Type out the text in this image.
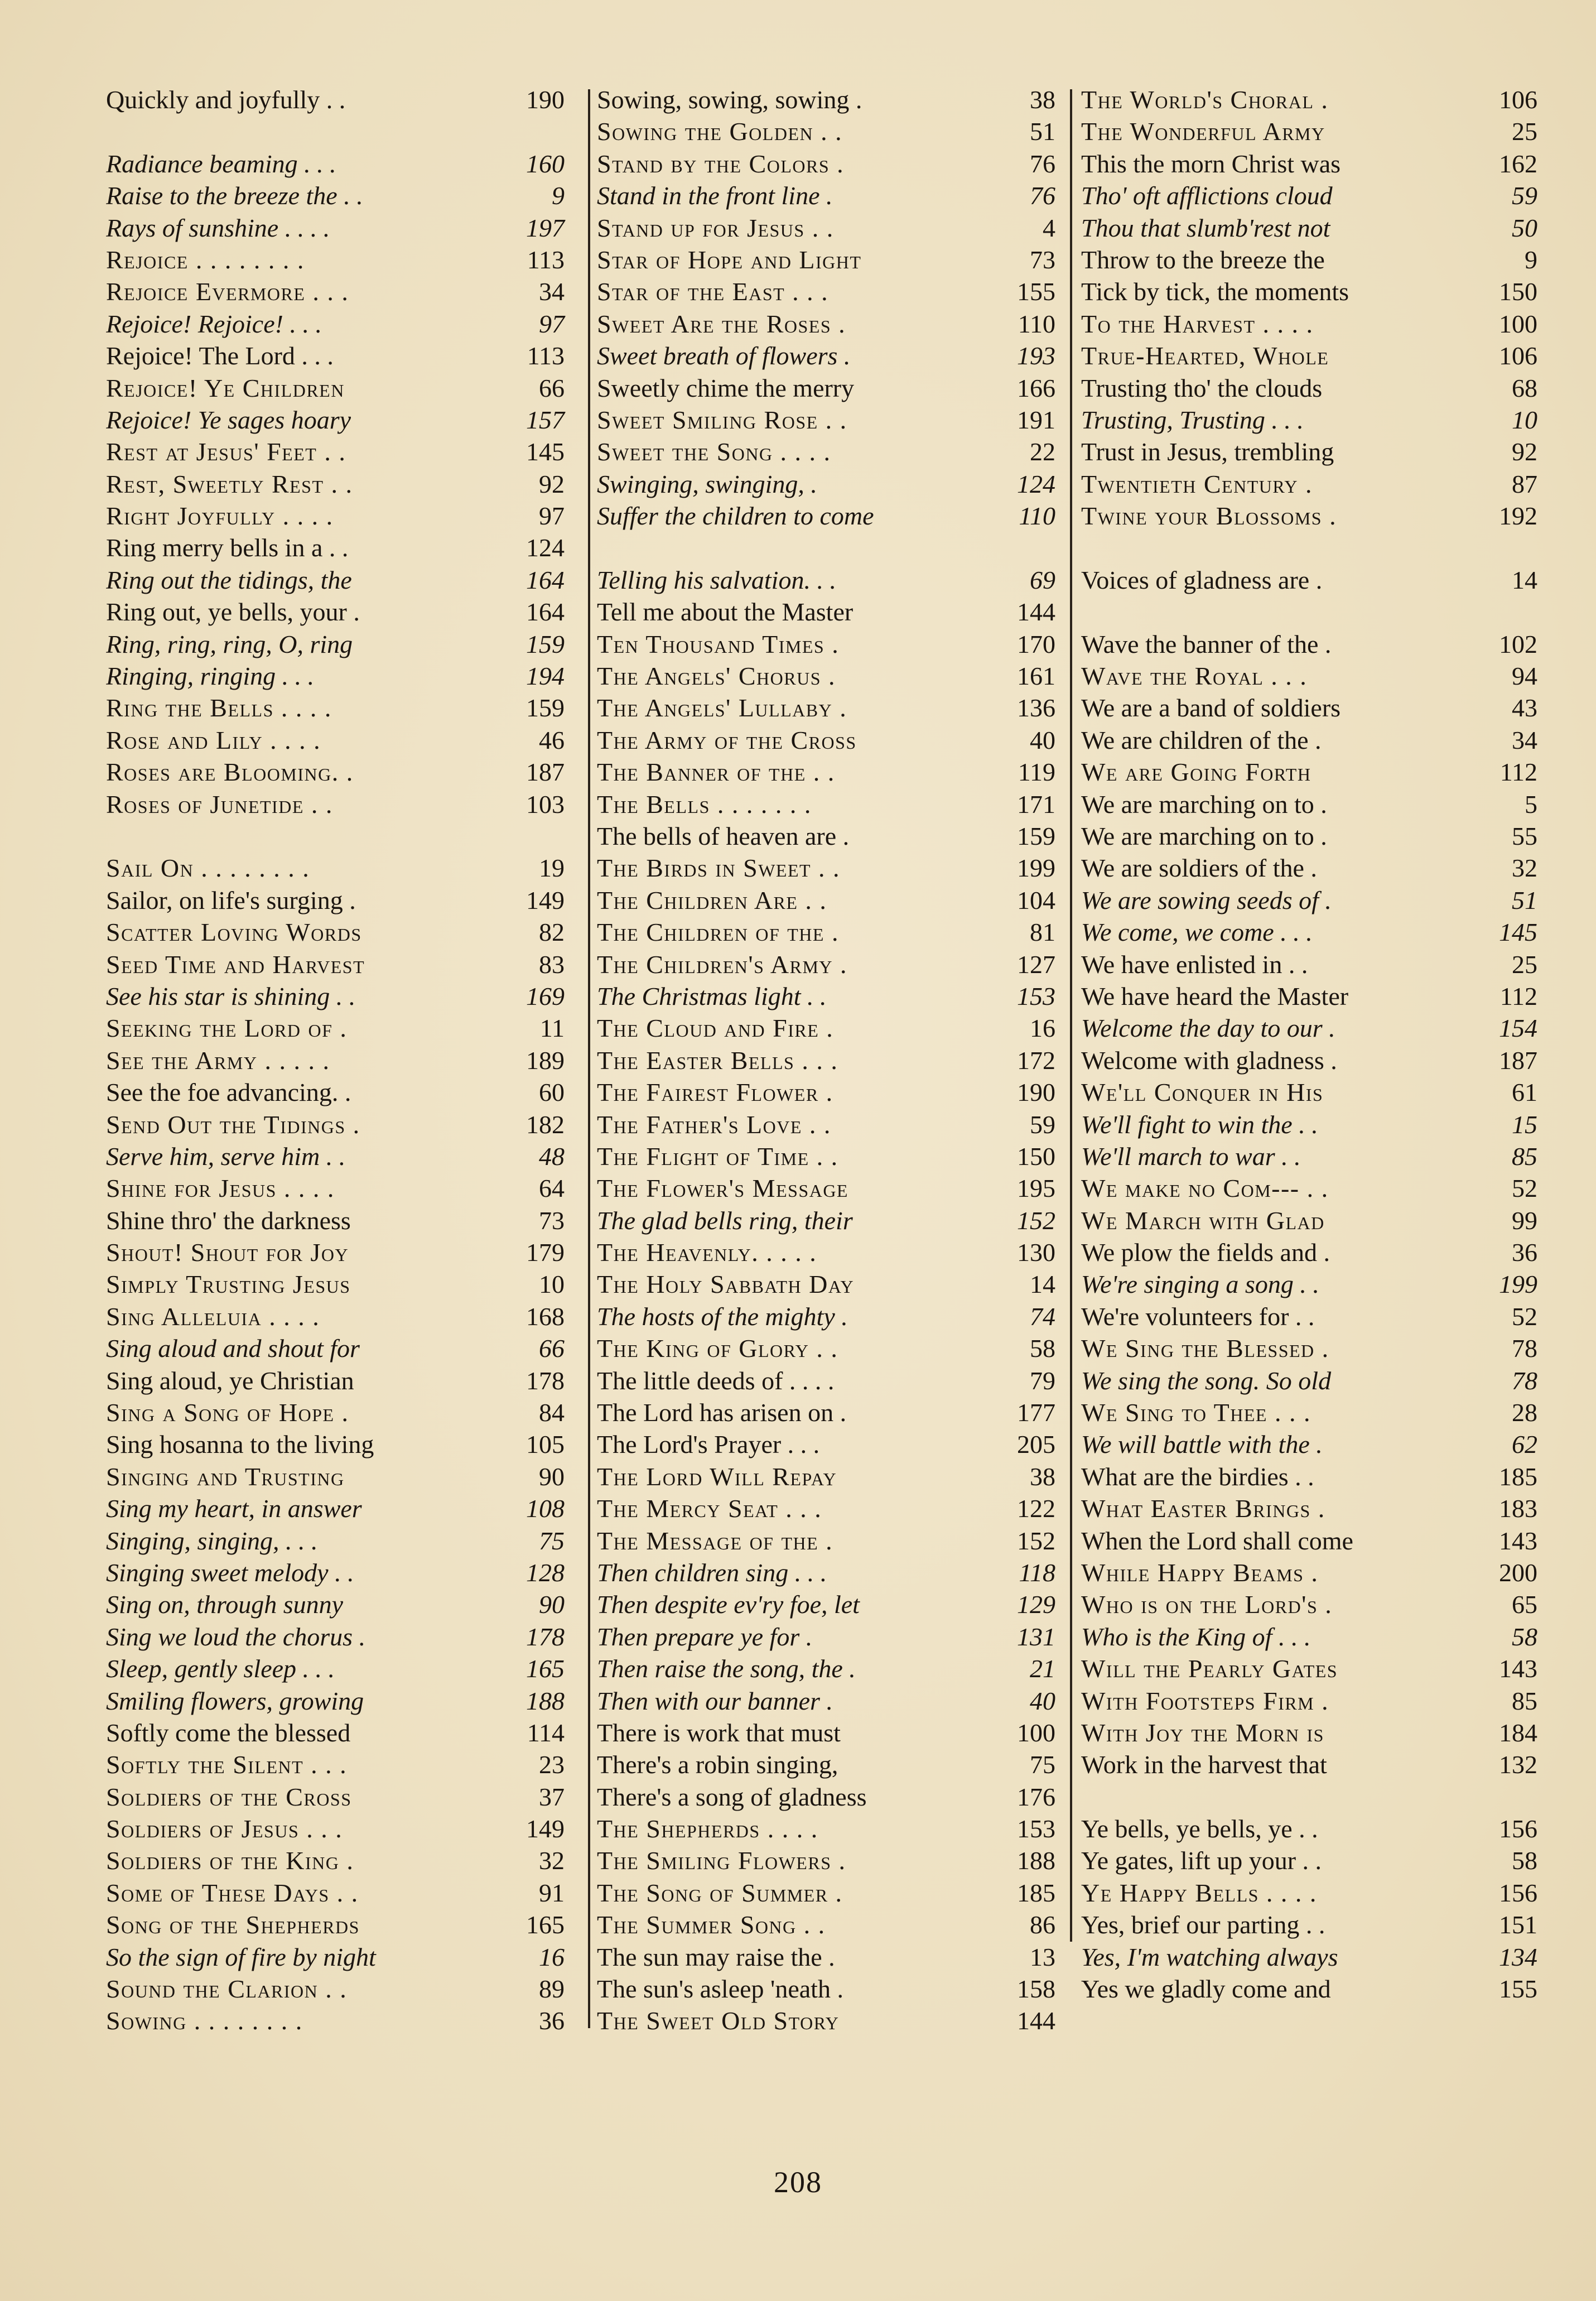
Quickly and joyfully . .	190
Radiance beaming . . .	160
Raise to the breeze the . .	9
Rays of sunshine . . . .	197
Rejoice . . . . . . . .	113
Rejoice Evermore . . .	34
Rejoice! Rejoice! . . .	97
Rejoice! The Lord . . .	113
Rejoice! Ye Children	66
Rejoice! Ye sages hoary	157
Rest at Jesus' Feet . .	145
Rest, Sweetly Rest . .	92
Right Joyfully . . . .	97
Ring merry bells in a . .	124
Ring out the tidings, the	164
Ring out, ye bells, your .	164
Ring, ring, ring, O, ring	159
Ringing, ringing . . .	194
Ring the Bells . . . .	159
Rose and Lily . . . .	46
Roses are Blooming. .	187
Roses of Junetide . .	103
Sail On . . . . . . . .	19
Sailor, on life's surging .	149
Scatter Loving Words	82
Seed Time and Harvest	83
See his star is shining . .	169
Seeking the Lord of .	11
See the Army . . . . .	189
See the foe advancing. .	60
Send Out the Tidings .	182
Serve him, serve him . .	48
Shine for Jesus . . . .	64
Shine thro' the darkness	73
Shout! Shout for Joy	179
Simply Trusting Jesus	10
Sing Alleluia . . . .	168
Sing aloud and shout for	66
Sing aloud, ye Christian	178
Sing a Song of Hope .	84
Sing hosanna to the living	105
Singing and Trusting	90
Sing my heart, in answer	108
Singing, singing, . . .	75
Singing sweet melody . .	128
Sing on, through sunny	90
Sing we loud the chorus .	178
Sleep, gently sleep . . .	165
Smiling flowers, growing	188
Softly come the blessed	114
Softly the Silent . . .	23
Soldiers of the Cross	37
Soldiers of Jesus . . .	149
Soldiers of the King .	32
Some of These Days . .	91
Song of the Shepherds	165
So the sign of fire by night	16
Sound the Clarion . .	89
Sowing . . . . . . . .	36
Sowing, sowing, sowing .	38
Sowing the Golden . .	51
Stand by the Colors .	76
Stand in the front line .	76
Stand up for Jesus . .	4
Star of Hope and Light	73
Star of the East . . .	155
Sweet Are the Roses .	110
Sweet breath of flowers .	193
Sweetly chime the merry	166
Sweet Smiling Rose . .	191
Sweet the Song . . . .	22
Swinging, swinging, .	124
Suffer the children to come	110
Telling his salvation. . .	69
Tell me about the Master	144
Ten Thousand Times .	170
The Angels' Chorus .	161
The Angels' Lullaby .	136
The Army of the Cross	40
The Banner of the . .	119
The Bells . . . . . . .	171
The bells of heaven are .	159
The Birds in Sweet . .	199
The Children Are . .	104
The Children of the .	81
The Children's Army .	127
The Christmas light . .	153
The Cloud and Fire .	16
The Easter Bells . . .	172
The Fairest Flower .	190
The Father's Love . .	59
The Flight of Time . .	150
The Flower's Message	195
The glad bells ring, their	152
The Heavenly. . . . .	130
The Holy Sabbath Day	14
The hosts of the mighty .	74
The King of Glory . .	58
The little deeds of . . . .	79
The Lord has arisen on .	177
The Lord's Prayer . . .	205
The Lord Will Repay	38
The Mercy Seat . . .	122
The Message of the .	152
Then children sing . . .	118
Then despite ev'ry foe, let	129
Then prepare ye for .	131
Then raise the song, the .	21
Then with our banner .	40
There is work that must	100
There's a robin singing,	75
There's a song of gladness	176
The Shepherds . . . .	153
The Smiling Flowers .	188
The Song of Summer .	185
The Summer Song . .	86
The sun may raise the .	13
The sun's asleep 'neath .	158
The Sweet Old Story	144
The World's Choral .	106
The Wonderful Army	25
This the morn Christ was	162
Tho' oft afflictions cloud	59
Thou that slumb'rest not	50
Throw to the breeze the	9
Tick by tick, the moments	150
To the Harvest . . . .	100
True-Hearted, Whole	106
Trusting tho' the clouds	68
Trusting, Trusting . . .	10
Trust in Jesus, trembling	92
Twentieth Century .	87
Twine your Blossoms .	192
Voices of gladness are .	14
Wave the banner of the .	102
Wave the Royal . . .	94
We are a band of soldiers	43
We are children of the .	34
We are Going Forth	112
We are marching on to .	5
We are marching on to .	55
We are soldiers of the .	32
We are sowing seeds of .	51
We come, we come . . .	145
We have enlisted in . .	25
We have heard the Master	112
Welcome the day to our .	154
Welcome with gladness .	187
We'll Conquer in His	61
We'll fight to win the . .	15
We'll march to war . .	85
We make no Com--- . .	52
We March with Glad	99
We plow the fields and .	36
We're singing a song . .	199
We're volunteers for . .	52
We Sing the Blessed .	78
We sing the song. So old	78
We Sing to Thee . . .	28
We will battle with the .	62
What are the birdies . .	185
What Easter Brings .	183
When the Lord shall come	143
While Happy Beams .	200
Who is on the Lord's .	65
Who is the King of . . .	58
Will the Pearly Gates	143
With Footsteps Firm .	85
With Joy the Morn is	184
Work in the harvest that	132
Ye bells, ye bells, ye . .	156
Ye gates, lift up your . .	58
Ye Happy Bells . . . .	156
Yes, brief our parting . .	151
Yes, I'm watching always	134
Yes we gladly come and	155
208
